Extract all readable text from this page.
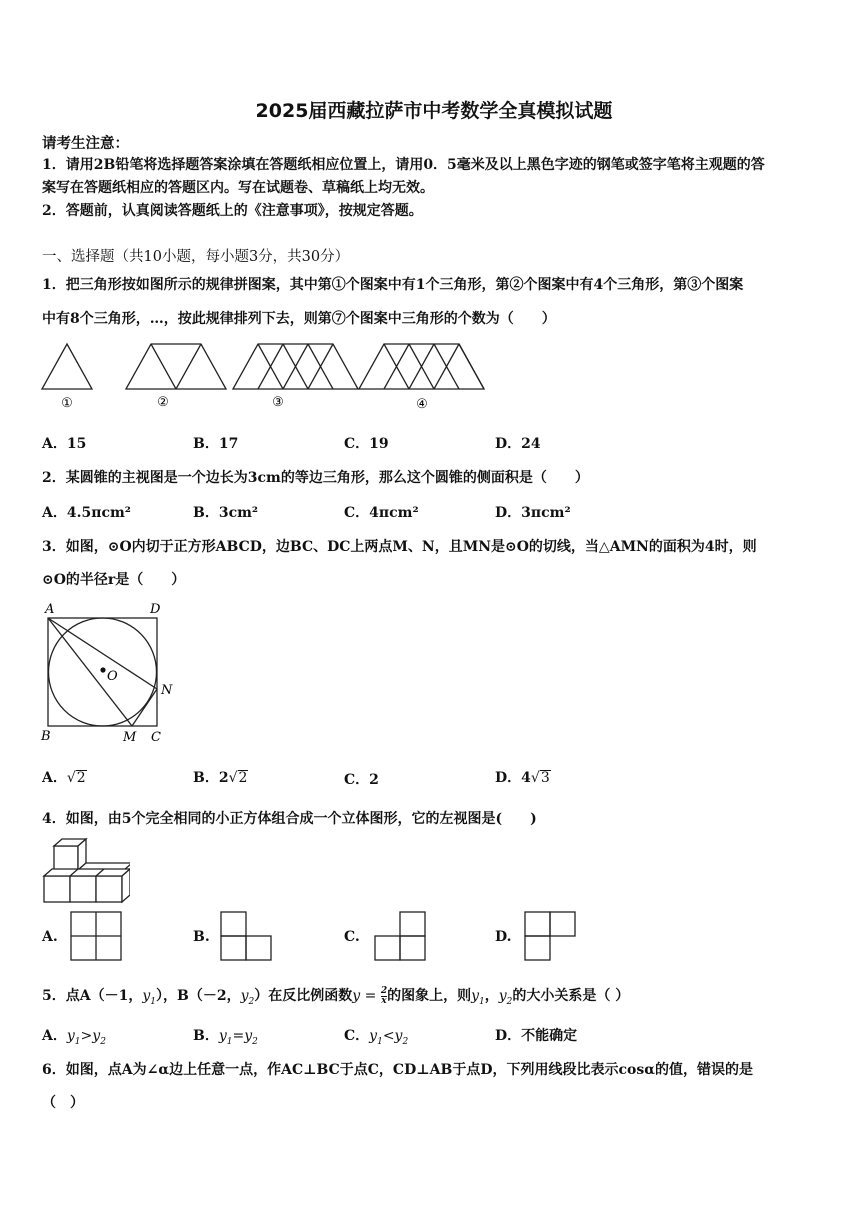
2025届西藏拉萨市中考数学全真模拟试题
请考生注意：
1．请用2B铅笔将选择题答案涂填在答题纸相应位置上，请用0．5毫米及以上黑色字迹的钢笔或签字笔将主观题的答
案写在答题纸相应的答题区内。写在试题卷、草稿纸上均无效。
2．答题前，认真阅读答题纸上的《注意事项》，按规定答题。
一、选择题（共10小题，每小题3分，共30分）
1．把三角形按如图所示的规律拼图案，其中第①个图案中有1个三角形，第②个图案中有4个三角形，第③个图案
中有8个三角形，…，按此规律排列下去，则第⑦个图案中三角形的个数为（　　）
①	②	③	④
A．15	B．17	C．19	D．24
2．某圆锥的主视图是一个边长为3cm的等边三角形，那么这个圆锥的侧面积是（　　）
A．4.5πcm²	B．3cm²	C．4πcm²	D．3πcm²
3．如图，⊙O内切于正方形ABCD，边BC、DC上两点M、N，且MN是⊙O的切线，当△AMN的面积为4时，则
⊙O的半径r是（　　）
A	D
O
N
B	M C
A．√2	B．2√2	C．2	D．4√3
4．如图，由5个完全相同的小正方体组合成一个立体图形，它的左视图是(　　)
A.	B.	C.	D.
5．点A（－1，$y_1$），B（－2，$y_2$）在反比例函数$y = \frac{2}{x}$ 的图象上，则$y_1$，$y_2$的大小关系是（ ）
A．$y_1>y_2$	B．$y_1=y_2$	C．$y_1<y_2$	D．不能确定
6．如图，点A为∠α边上任意一点，作AC⊥BC于点C，CD⊥AB于点D，下列用线段比表示cosα的值，错误的是
（　）
